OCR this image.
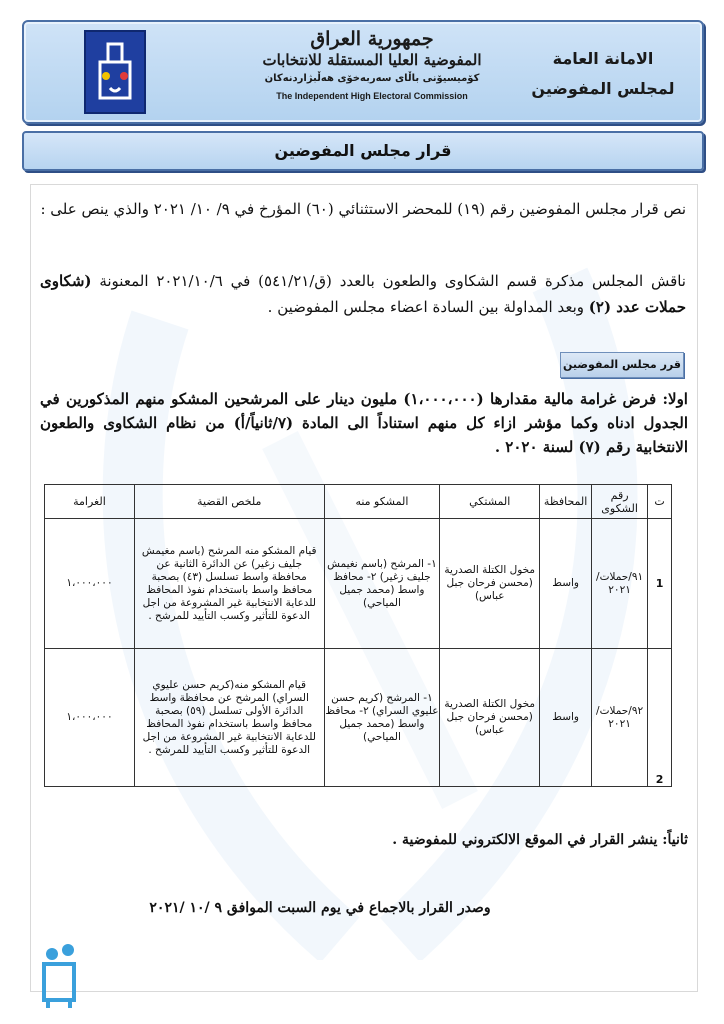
الامانة العامة
لمجلس المفوضين
جمهورية العراق
المفوضية العليا المستقلة للانتخابات
كۆمیسیۆنی باڵای سەربەخۆی هەڵبژاردنەکان
The Independent High Electoral Commission
قرار مجلس المفوضين
نص قرار مجلس المفوضين رقم (١٩) للمحضر الاستثنائي (٦٠) المؤرخ في ٩/ ١٠/ ٢٠٢١ والذي ينص على :
ناقش المجلس مذكرة قسم الشكاوى والطعون بالعدد (ق/٥٤١/٢١) في ٢٠٢١/١٠/٦ المعنونة (شكاوى حملات عدد (٢) وبعد المداولة بين السادة اعضاء مجلس المفوضين .
قرر مجلس المفوضين
اولا: فرض غرامة مالية مقدارها (١،٠٠٠،٠٠٠) مليون دينار على المرشحين المشكو منهم المذكورين في الجدول ادناه وكما مؤشر ازاء كل منهم استناداً الى المادة (٧/ثانياً/أ) من نظام الشكاوى والطعون الانتخابية رقم (٧) لسنة ٢٠٢٠ .
ت	رقم الشكوى	المحافظة	المشتكي	المشكو منه	ملخص القضية	الغرامة
1	٩١/حملات/ ٢٠٢١	واسط	مخول الكتلة الصدرية (محسن فرحان جبل عباس)	١- المرشح (باسم نغيمش جليف زغير) ٢- محافظ واسط (محمد جميل المياحي)	قيام المشكو منه المرشح (باسم مغيمش جليف زغير) عن الدائرة الثانية عن محافظة واسط تسلسل (٤٣) بصحبة محافظ واسط باستخدام نفوذ المحافظ للدعاية الانتخابية غير المشروعة من اجل الدعوة للتأثير وكسب التأييد للمرشح .	١،٠٠٠،٠٠٠
2	٩٢/حملات/ ٢٠٢١	واسط	مخول الكتلة الصدرية (محسن فرحان جبل عباس)	١- المرشح (كريم حسن عليوي السراي) ٢- محافظ واسط (محمد جميل المياحي)	قيام المشكو منه(كريم حسن عليوي السراي) المرشح عن محافظة واسط الدائرة الأولى تسلسل (٥٩) بصحبة محافظ واسط باستخدام نفوذ المحافظ للدعاية الانتخابية غير المشروعة من اجل الدعوة للتأثير وكسب التأييد للمرشح .	١،٠٠٠،٠٠٠
ثانياً: ينشر القرار في الموقع الالكتروني للمفوضية .
وصدر القرار بالاجماع في يوم السبت الموافق ٩ /١٠ /٢٠٢١
